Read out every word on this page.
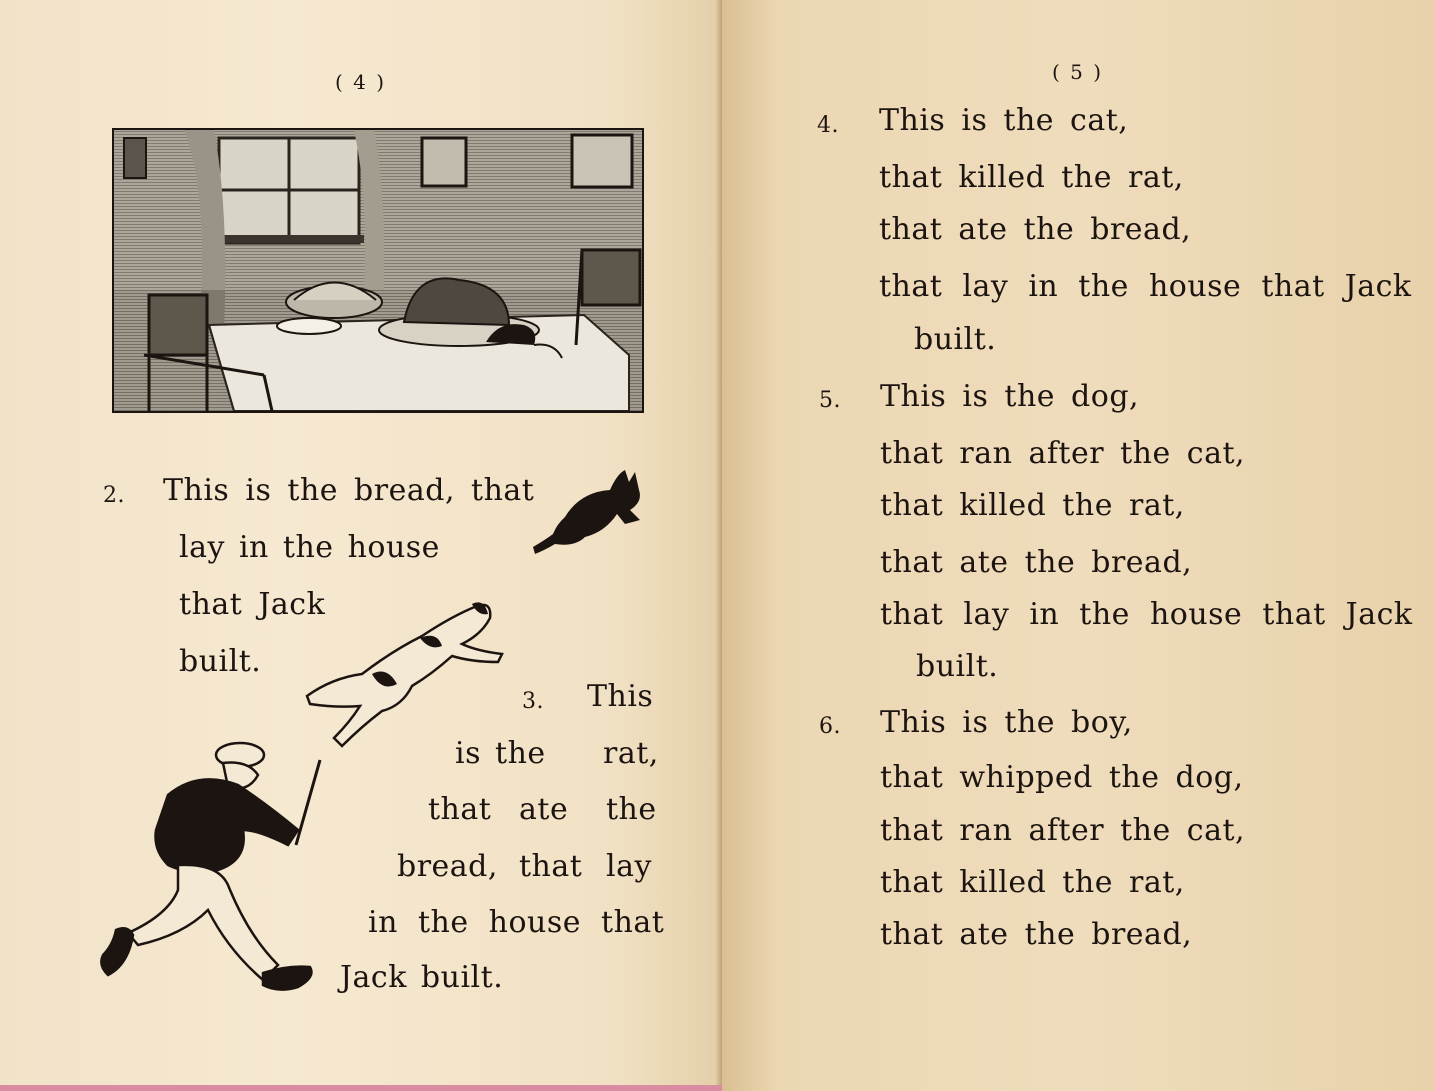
( 4 )
2. This is the bread, that
lay in the house
that Jack
built.
3. This
is the rat,
that ate the
bread, that lay
in the house that
Jack built.
( 5 )
4. This is the cat,
that killed the rat,
that ate the bread,
that lay in the house that Jack
built.
5. This is the dog,
that ran after the cat,
that killed the rat,
that ate the bread,
that lay in the house that Jack
built.
6. This is the boy,
that whipped the dog,
that ran after the cat,
that killed the rat,
that ate the bread,
